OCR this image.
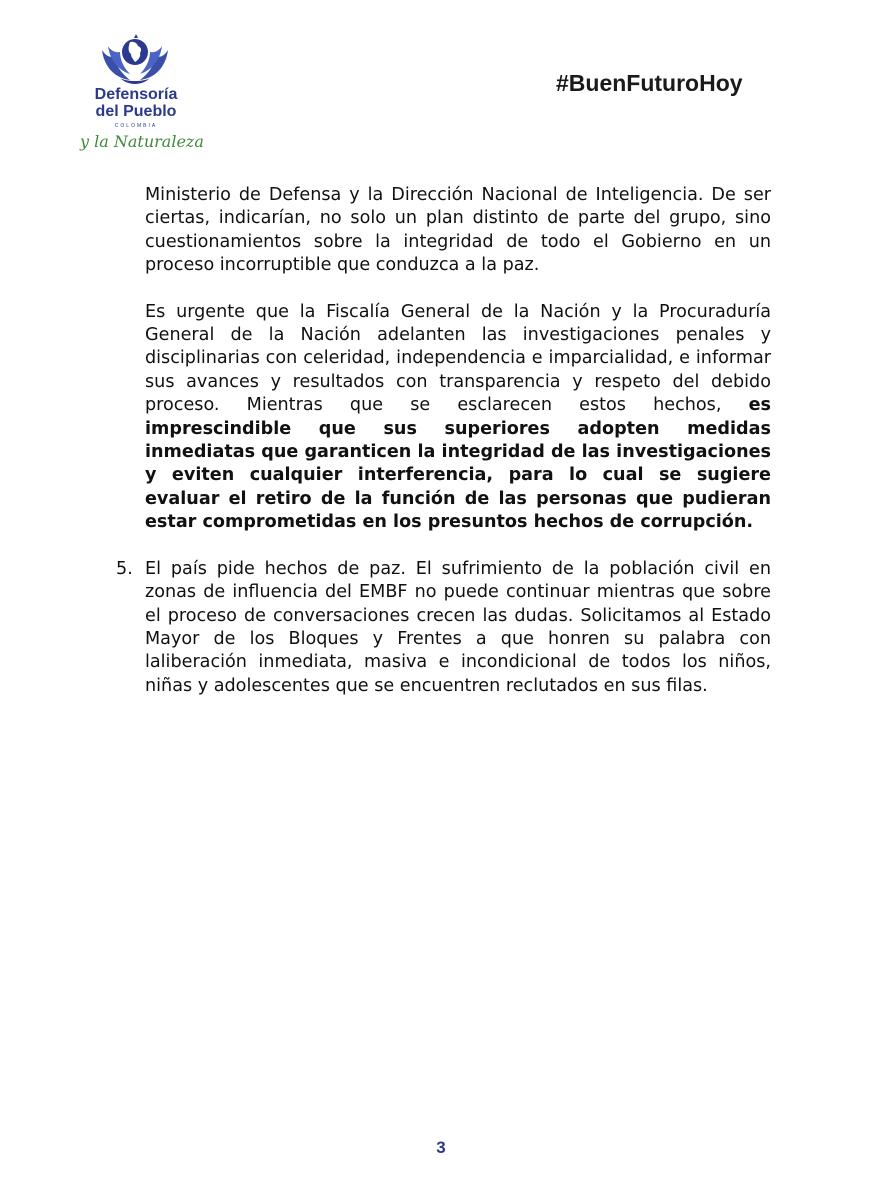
Defensoría
del Pueblo
COLOMBIA
y la Naturaleza
#BuenFuturoHoy

Ministerio de Defensa y la Dirección Nacional de Inteligencia. De ser ciertas, indicarían, no solo un plan distinto de parte del grupo, sino cuestionamientos sobre la integridad de todo el Gobierno en un proceso incorruptible que conduzca a la paz.

Es urgente que la Fiscalía General de la Nación y la Procuraduría General de la Nación adelanten las investigaciones penales y disciplinarias con celeridad, independencia e imparcialidad, e informar sus avances y resultados con transparencia y respeto del debido proceso. Mientras que se esclarecen estos hechos, es imprescindible que sus superiores adopten medidas inmediatas que garanticen la integridad de las investigaciones y eviten cualquier interferencia, para lo cual se sugiere evaluar el retiro de la función de las personas que pudieran estar comprometidas en los presuntos hechos de corrupción.

5. El país pide hechos de paz. El sufrimiento de la población civil en zonas de influencia del EMBF no puede continuar mientras que sobre el proceso de conversaciones crecen las dudas. Solicitamos al Estado Mayor de los Bloques y Frentes a que honren su palabra con laliberación inmediata, masiva e incondicional de todos los niños, niñas y adolescentes que se encuentren reclutados en sus filas.

3
